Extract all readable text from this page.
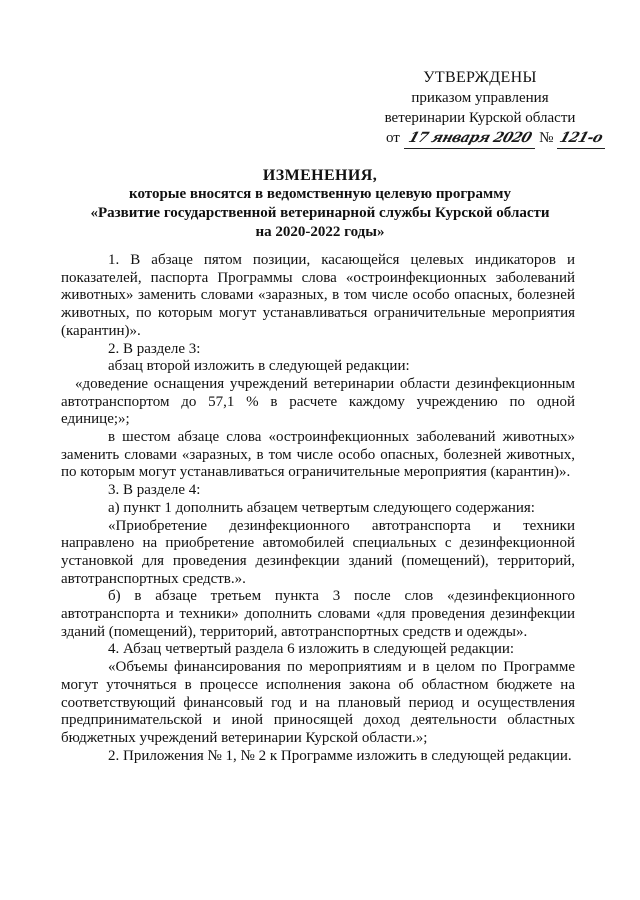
УТВЕРЖДЕНЫ
приказом управления
ветеринарии Курской области
от 17 января 2020 № 121-о
ИЗМЕНЕНИЯ,
которые вносятся в ведомственную целевую программу
«Развитие государственной ветеринарной службы Курской области
на 2020-2022 годы»

1. В абзаце пятом позиции, касающейся целевых индикаторов и показателей, паспорта Программы слова «остроинфекционных заболеваний животных» заменить словами «заразных, в том числе особо опасных, болезней животных, по которым могут устанавливаться ограничительные мероприятия (карантин)».

2. В разделе 3:

абзац второй изложить в следующей редакции:

«доведение оснащения учреждений ветеринарии области дезинфекционным автотранспортом до 57,1 % в расчете каждому учреждению по одной единице;»;

в шестом абзаце слова «остроинфекционных заболеваний животных» заменить словами «заразных, в том числе особо опасных, болезней животных, по которым могут устанавливаться ограничительные мероприятия (карантин)».

3. В разделе 4:

а) пункт 1 дополнить абзацем четвертым следующего содержания:

«Приобретение дезинфекционного автотранспорта и техники направлено на приобретение автомобилей специальных с дезинфекционной установкой для проведения дезинфекции зданий (помещений), территорий, автотранспортных средств.».

б) в абзаце третьем пункта 3 после слов «дезинфекционного автотранспорта и техники» дополнить словами «для проведения дезинфекции зданий (помещений), территорий, автотранспортных средств и одежды».

4. Абзац четвертый раздела 6 изложить в следующей редакции:

«Объемы финансирования по мероприятиям и в целом по Программе могут уточняться в процессе исполнения закона об областном бюджете на соответствующий финансовый год и на плановый период и осуществления предпринимательской и иной приносящей доход деятельности областных бюджетных учреждений ветеринарии Курской области.»;

2. Приложения № 1, № 2 к Программе изложить в следующей редакции.
